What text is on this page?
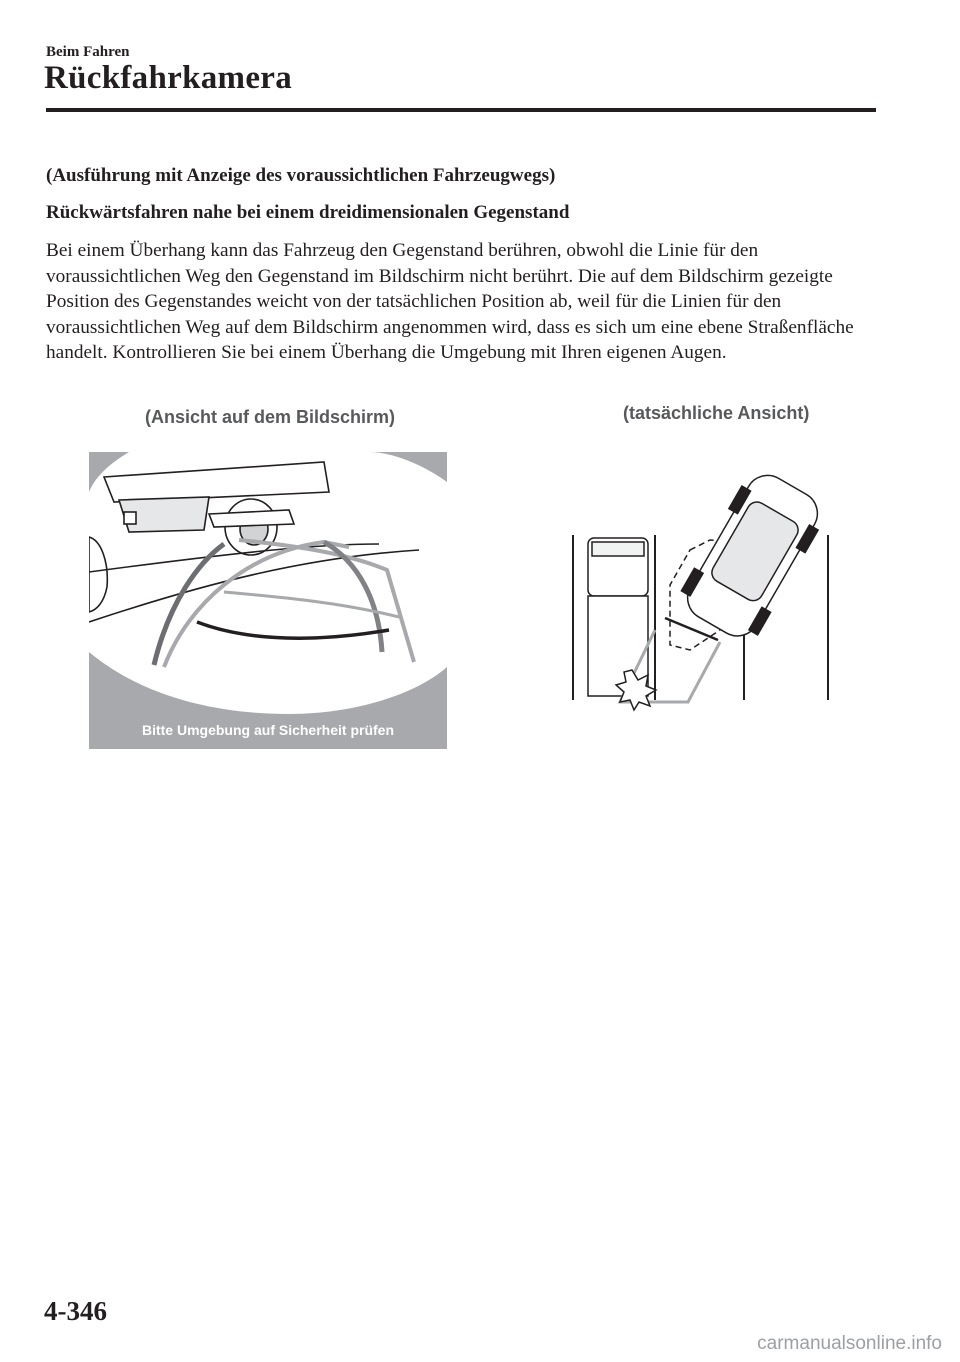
Beim Fahren
Rückfahrkamera
(Ausführung mit Anzeige des voraussichtlichen Fahrzeugwegs)
Rückwärtsfahren nahe bei einem dreidimensionalen Gegenstand

Bei einem Überhang kann das Fahrzeug den Gegenstand berühren, obwohl die Linie für den voraussichtlichen Weg den Gegenstand im Bildschirm nicht berührt. Die auf dem Bildschirm gezeigte Position des Gegenstandes weicht von der tatsächlichen Position ab, weil für die Linien für den voraussichtlichen Weg auf dem Bildschirm angenommen wird, dass es sich um eine ebene Straßenfläche handelt. Kontrollieren Sie bei einem Überhang die Umgebung mit Ihren eigenen Augen.

(Ansicht auf dem Bildschirm)	(tatsächliche Ansicht)
Bitte Umgebung auf Sicherheit prüfen
4-346
carmanualsonline.info
